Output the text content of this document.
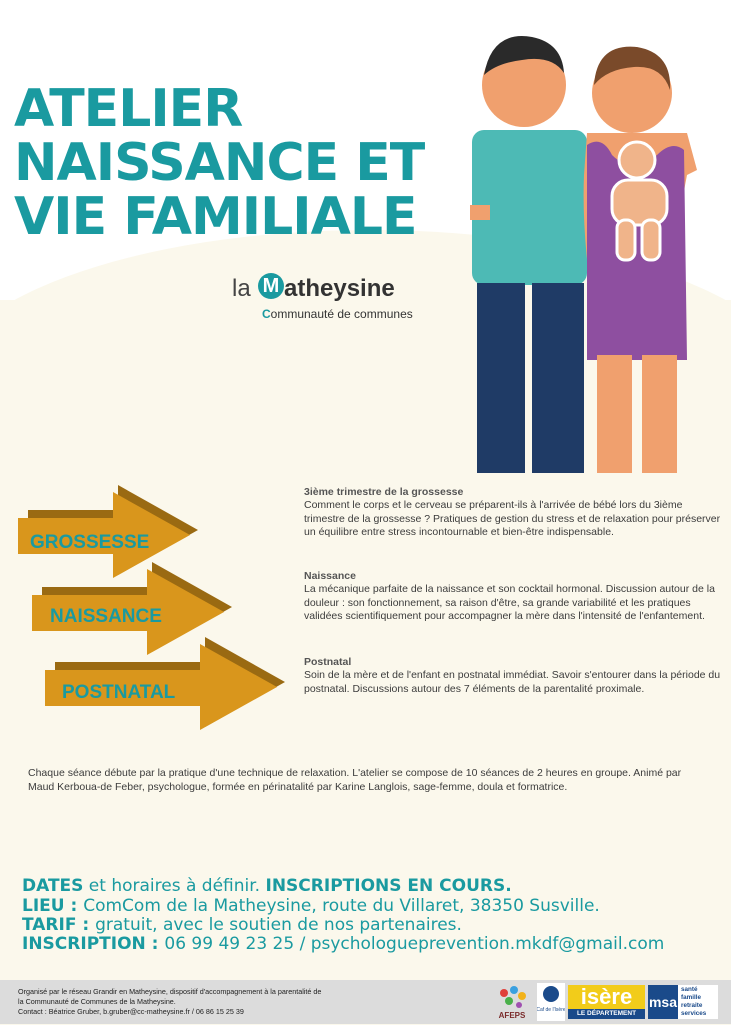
ATELIER
NAISSANCE ET
VIE FAMILIALE
la M atheysine
Communauté de communes
GROSSESSE
NAISSANCE
POSTNATAL
3ième trimestre de la grossesse

Comment le corps et le cerveau se préparent-ils à l'arrivée de bébé lors du 3ième trimestre de la grossesse ? Pratiques de gestion du stress et de relaxation pour préserver un équilibre entre stress incontournable et bien-être indispensable.

Naissance

La mécanique parfaite de la naissance et son cocktail hormonal. Discussion autour de la douleur : son fonctionnement, sa raison d'être, sa grande variabilité et les pratiques validées scientifiquement pour accompagner la mère dans l'intensité de l'enfantement.

Postnatal

Soin de la mère et de l'enfant en postnatal immédiat. Savoir s'entourer dans la période du postnatal. Discussions autour des 7 éléments de la parentalité proximale.

Chaque séance débute par la pratique d'une technique de relaxation. L'atelier se compose de 10 séances de 2 heures en groupe. Animé par Maud Kerboua-de Feber, psychologue, formée en périnatalité par Karine Langlois, sage-femme, doula et formatrice.

DATES et horaires à définir. INSCRIPTIONS EN COURS.
LIEU : ComCom de la Matheysine, route du Villaret, 38350 Susville.
TARIF : gratuit, avec le soutien de nos partenaires.
INSCRIPTION : 06 99 49 23 25 / psychologueprevention.mkdf@gmail.com

Organisé par le réseau Grandir en Matheysine, dispositif d'accompagnement à la parentalité de

la Communauté de Communes de la Matheysine.

Contact : Béatrice Gruber, b.gruber@cc-matheysine.fr / 06 86 15 25 39	AFEPS
Caf de l'Isère
isère
LE DÉPARTEMENT
msa
santé
famille
retraite
services
